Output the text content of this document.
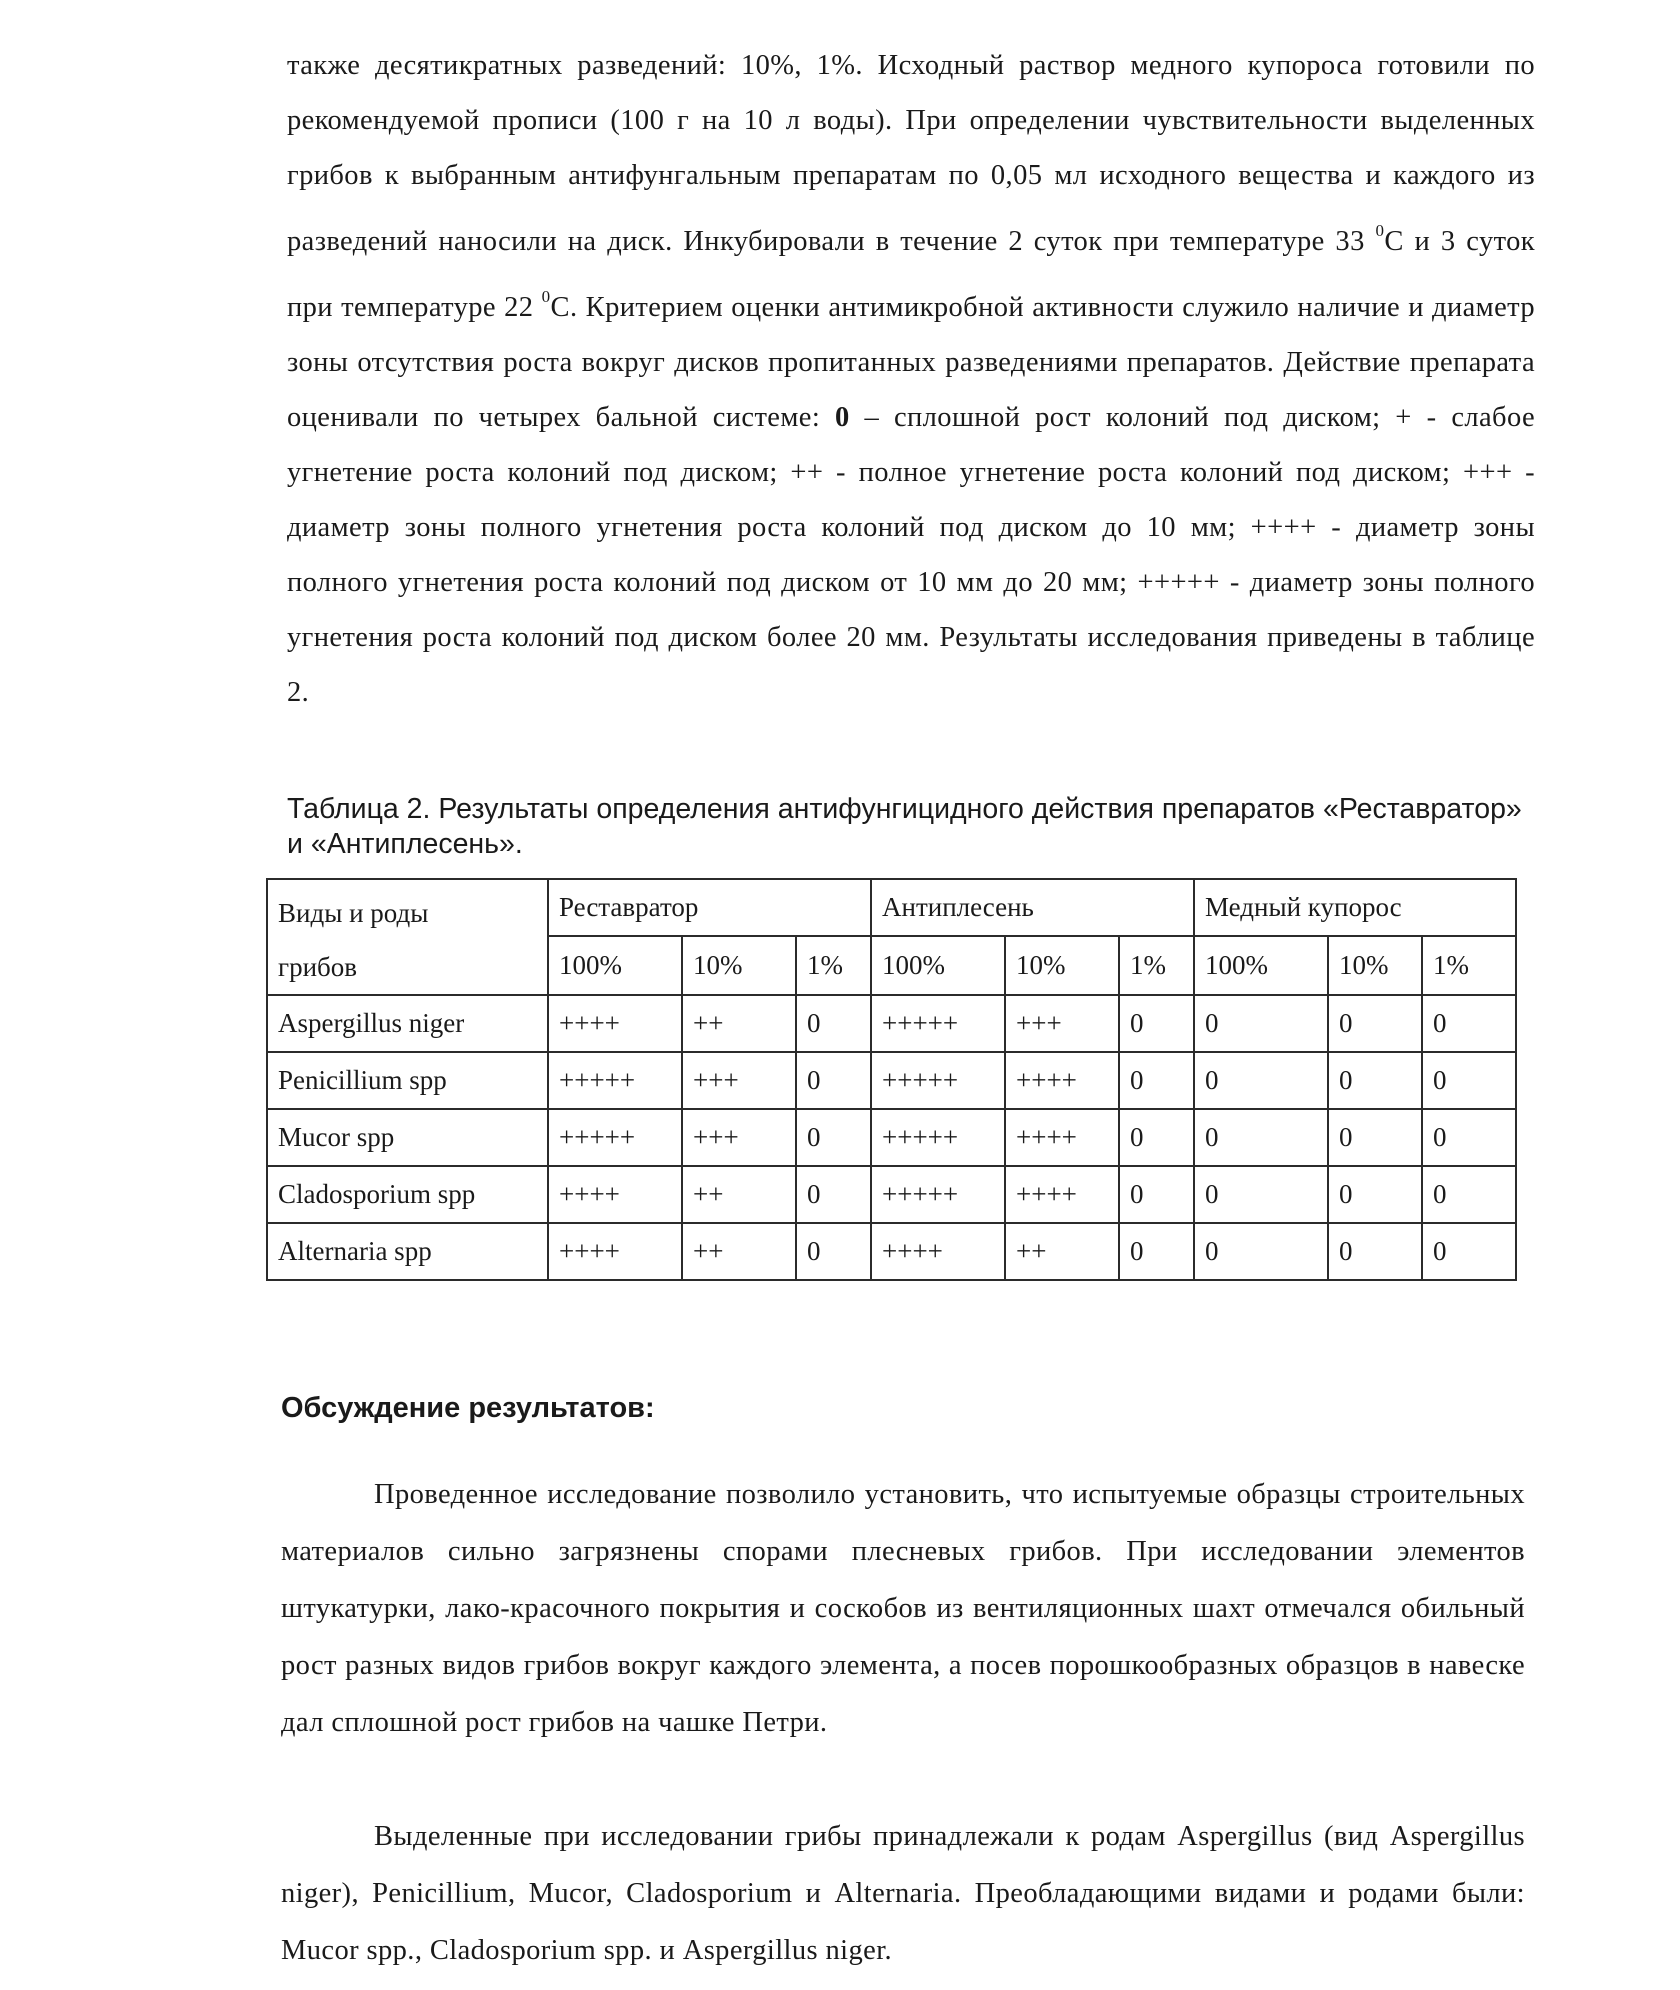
также десятикратных разведений: 10%, 1%. Исходный раствор медного купороса готовили по рекомендуемой прописи (100 г на 10 л воды). При определении чувствительности выделенных грибов к выбранным антифунгальным препаратам по 0,05 мл исходного вещества и каждого из разведений наносили на диск. Инкубировали в течение 2 суток при температуре 33 $^0$С и 3 суток при температуре 22 $^0$С. Критерием оценки антимикробной активности служило наличие и диаметр зоны отсутствия роста вокруг дисков пропитанных разведениями препаратов. Действие препарата оценивали по четырех бальной системе: 0 – сплошной рост колоний под диском; + - слабое угнетение роста колоний под диском; ++ - полное угнетение роста колоний под диском; +++ - диаметр зоны полного угнетения роста колоний под диском до 10 мм; ++++ - диаметр зоны полного угнетения роста колоний под диском от 10 мм до 20 мм; +++++ - диаметр зоны полного угнетения роста колоний под диском более 20 мм. Результаты исследования приведены в таблице 2.

Таблица 2. Результаты определения антифунгицидного действия препаратов «Реставратор» и «Антиплесень».

Виды и роды
грибов	Реставратор			Антиплесень			Медный купорос		
	100%	10%	1%	100%	10%	1%	100%	10%	1%
Aspergillus niger	++++	++	0	+++++	+++	0	0	0	0
Penicillium spp	+++++	+++	0	+++++	++++	0	0	0	0
Mucor spp	+++++	+++	0	+++++	++++	0	0	0	0
Cladosporium spp	++++	++	0	+++++	++++	0	0	0	0
Alternaria spp	++++	++	0	++++	++	0	0	0	0
Обсуждение результатов:

Проведенное исследование позволило установить, что испытуемые образцы строительных материалов сильно загрязнены спорами плесневых грибов. При исследовании элементов штукатурки, лако-красочного покрытия и соскобов из вентиляционных шахт отмечался обильный рост разных видов грибов вокруг каждого элемента, а посев порошкообразных образцов в навеске дал сплошной рост грибов на чашке Петри.

Выделенные при исследовании грибы принадлежали к родам Aspergillus (вид Aspergillus niger), Penicillium, Mucor, Cladosporium и Alternaria. Преобладающими видами и родами были: Mucor spp., Cladosporium spp. и Aspergillus niger.
